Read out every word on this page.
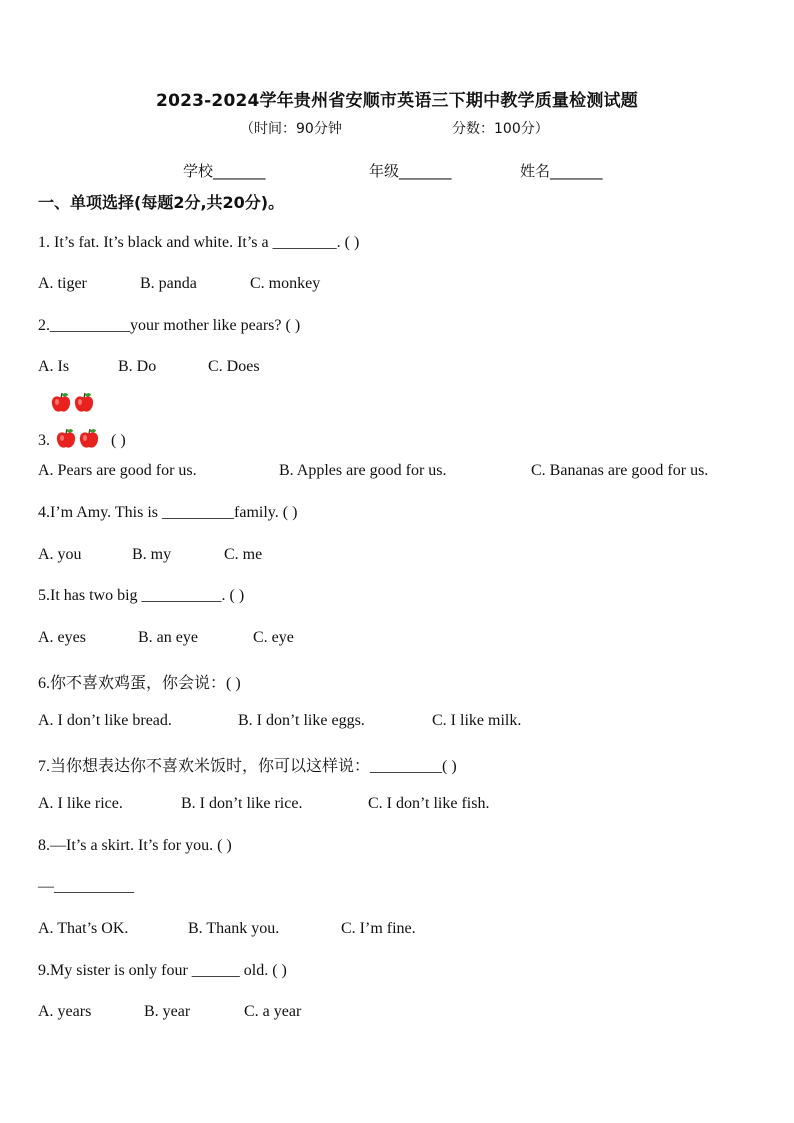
2023-2024学年贵州省安顺市英语三下期中教学质量检测试题
（时间：90分钟	分数：100分）
学校_______	年级_______	姓名_______
一、单项选择(每题2分,共20分)。
1. It’s fat. It’s black and white. It’s a ________. ( )
A. tiger	B. panda	C. monkey
2.__________your mother like pears? ( )
A. Is	B. Do	C. Does
3.	( )
A. Pears are good for us.	B. Apples are good for us.	C. Bananas are good for us.
4.I’m Amy. This is _________family. ( )
A. you	B. my	C. me
5.It has two big __________. ( )
A. eyes	B. an eye	C. eye
6.你不喜欢鸡蛋，你会说：( )
A. I don’t like bread.	B. I don’t like eggs.	C. I like milk.
7.当你想表达你不喜欢米饭时，你可以这样说：_________( )
A. I like rice.	B. I don’t like rice.	C. I don’t like fish.
8.—It’s a skirt. It’s for you. ( )
—__________
A. That’s OK.	B. Thank you.	C. I’m fine.
9.My sister is only four ______ old. ( )
A. years	B. year	C. a year
